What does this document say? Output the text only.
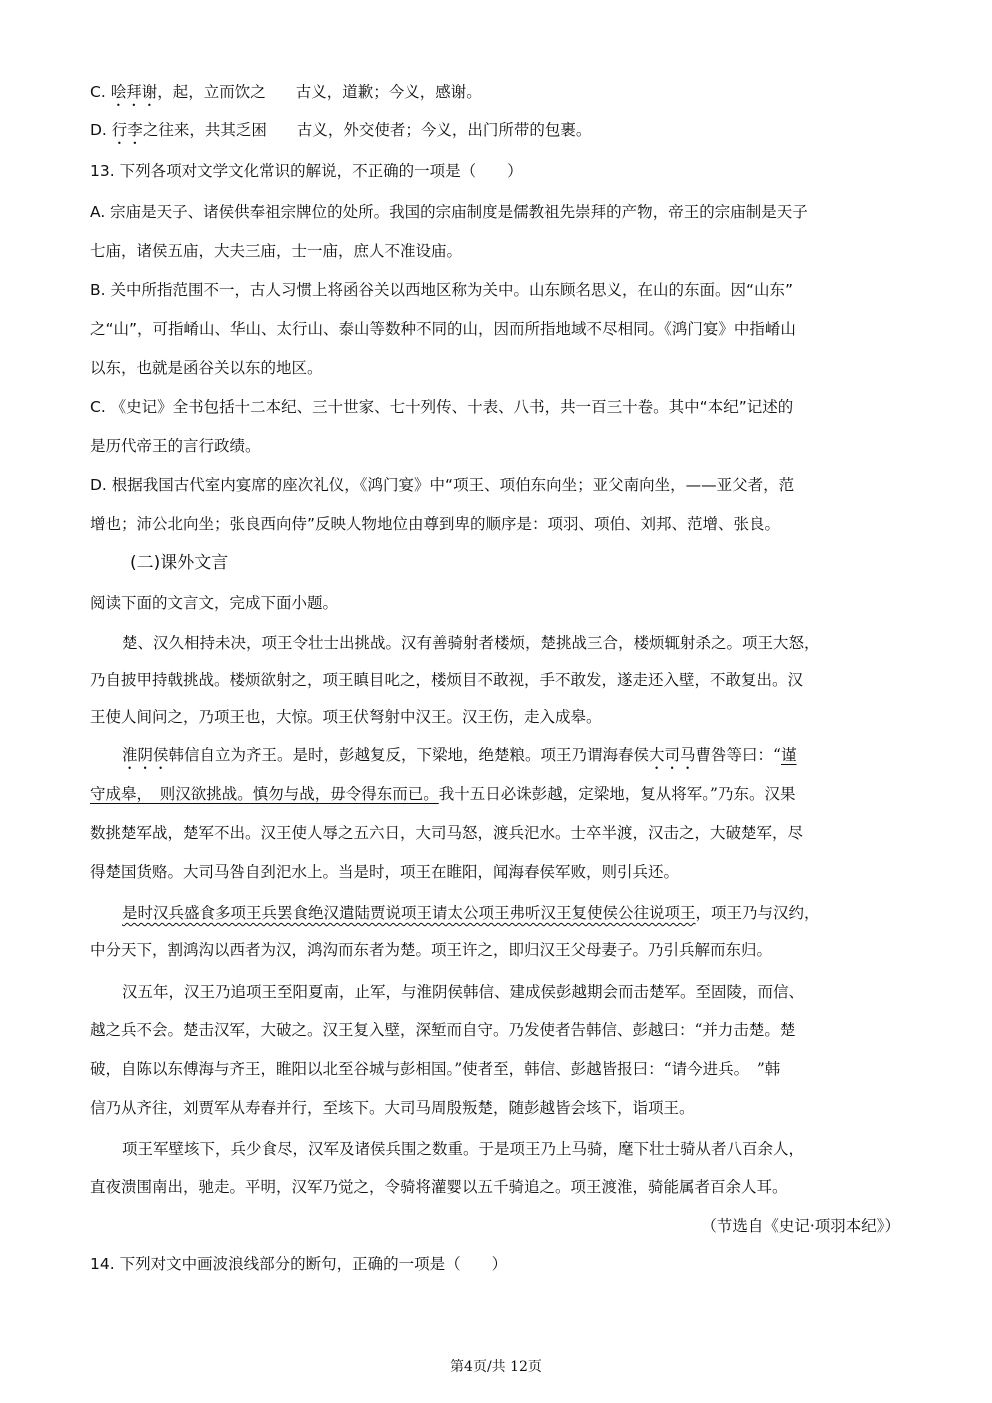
C. 哙拜谢，起，立而饮之 古义，道歉；今义，感谢。
D. 行李之往来，共其乏困 古义，外交使者；今义，出门所带的包裹。
13. 下列各项对文学文化常识的解说，不正确的一项是（　　）
A. 宗庙是天子、诸侯供奉祖宗牌位的处所。我国的宗庙制度是儒教祖先崇拜的产物，帝王的宗庙制是天子
七庙，诸侯五庙，大夫三庙，士一庙，庶人不准设庙。
B. 关中所指范围不一，古人习惯上将函谷关以西地区称为关中。山东顾名思义，在山的东面。因“山东”
之“山”，可指崤山、华山、太行山、泰山等数种不同的山，因而所指地域不尽相同。《鸿门宴》中指崤山
以东，也就是函谷关以东的地区。
C. 《史记》全书包括十二本纪、三十世家、七十列传、十表、八书，共一百三十卷。其中“本纪”记述的
是历代帝王的言行政绩。
D. 根据我国古代室内宴席的座次礼仪，《鸿门宴》中“项王、项伯东向坐；亚父南向坐，——亚父者，范
增也；沛公北向坐；张良西向侍”反映人物地位由尊到卑的顺序是：项羽、项伯、刘邦、范增、张良。
(二)课外文言
阅读下面的文言文，完成下面小题。
楚、汉久相持未决，项王令壮士出挑战。汉有善骑射者楼烦，楚挑战三合，楼烦辄射杀之。项王大怒，
乃自披甲持戟挑战。楼烦欲射之，项王瞋目叱之，楼烦目不敢视，手不敢发，遂走还入壁，不敢复出。汉
王使人间问之，乃项王也，大惊。项王伏弩射中汉王。汉王伤，走入成皋。
淮阴侯韩信自立为齐王。是时，彭越复反，下梁地，绝楚粮。项王乃谓海春侯大司马曹咎等曰：“谨
守成皋，　则汉欲挑战。慎勿与战，毋令得东而已。我十五日必诛彭越，定梁地，复从将军。”乃东。汉果
数挑楚军战，楚军不出。汉王使人辱之五六日，大司马怒，渡兵汜水。士卒半渡，汉击之，大破楚军，尽
得楚国货赂。大司马咎自刭汜水上。当是时，项王在睢阳，闻海春侯军败，则引兵还。
是时汉兵盛食多项王兵罢食绝汉遣陆贾说项王请太公项王弗听汉王复使侯公往说项王，项王乃与汉约，
中分天下，割鸿沟以西者为汉，鸿沟而东者为楚。项王许之，即归汉王父母妻子。乃引兵解而东归。
汉五年，汉王乃追项王至阳夏南，止军，与淮阴侯韩信、建成侯彭越期会而击楚军。至固陵，而信、
越之兵不会。楚击汉军，大破之。汉王复入壁，深堑而自守。乃发使者告韩信、彭越曰：“并力击楚。楚
破，自陈以东傅海与齐王，睢阳以北至谷城与彭相国。”使者至，韩信、彭越皆报曰：“请今进兵。　”韩
信乃从齐往，刘贾军从寿春并行，至垓下。大司马周殷叛楚，随彭越皆会垓下，诣项王。
项王军壁垓下，兵少食尽，汉军及诸侯兵围之数重。于是项王乃上马骑，麾下壮士骑从者八百余人，
直夜溃围南出，驰走。平明，汉军乃觉之，令骑将灌婴以五千骑追之。项王渡淮，骑能属者百余人耳。
（节选自《史记·项羽本纪》）
14. 下列对文中画波浪线部分的断句，正确的一项是（　　）
第4页/共 12页
